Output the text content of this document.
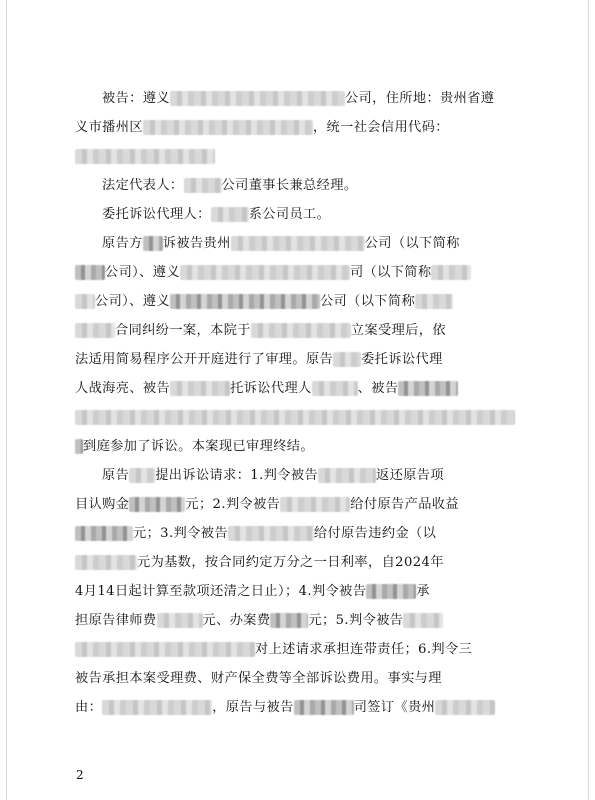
被告：遵义	公司，住所地：贵州省遵
义市播州区	，统一社会信用代码：
法定代表人：	公司董事长兼总经理。
委托诉讼代理人：	系公司员工。
原告方 诉被告贵州	公司（以下简称
公司）、遵义	司（以下简称
公司）、遵义	公司（以下简称
合同纠纷一案，本院于	立案受理后，依
法适用简易程序公开开庭进行了审理。原告 委托诉讼代理
人战海亮、被告	托诉讼代理人	、被告
到庭参加了诉讼。本案现已审理终结。
原告 提出诉讼请求：1.判令被告	返还原告项
目认购金	元；2.判令被告	给付原告产品收益
元；3.判令被告	给付原告违约金（以
元为基数，按合同约定万分之一日利率，自2024年
4月14日起计算至款项还清之日止）；4.判令被告	承
担原告律师费	元、办案费	元；5.判令被告
对上述请求承担连带责任；6.判令三
被告承担本案受理费、财产保全费等全部诉讼费用。事实与理
由：	，原告与被告	司签订《贵州
2
